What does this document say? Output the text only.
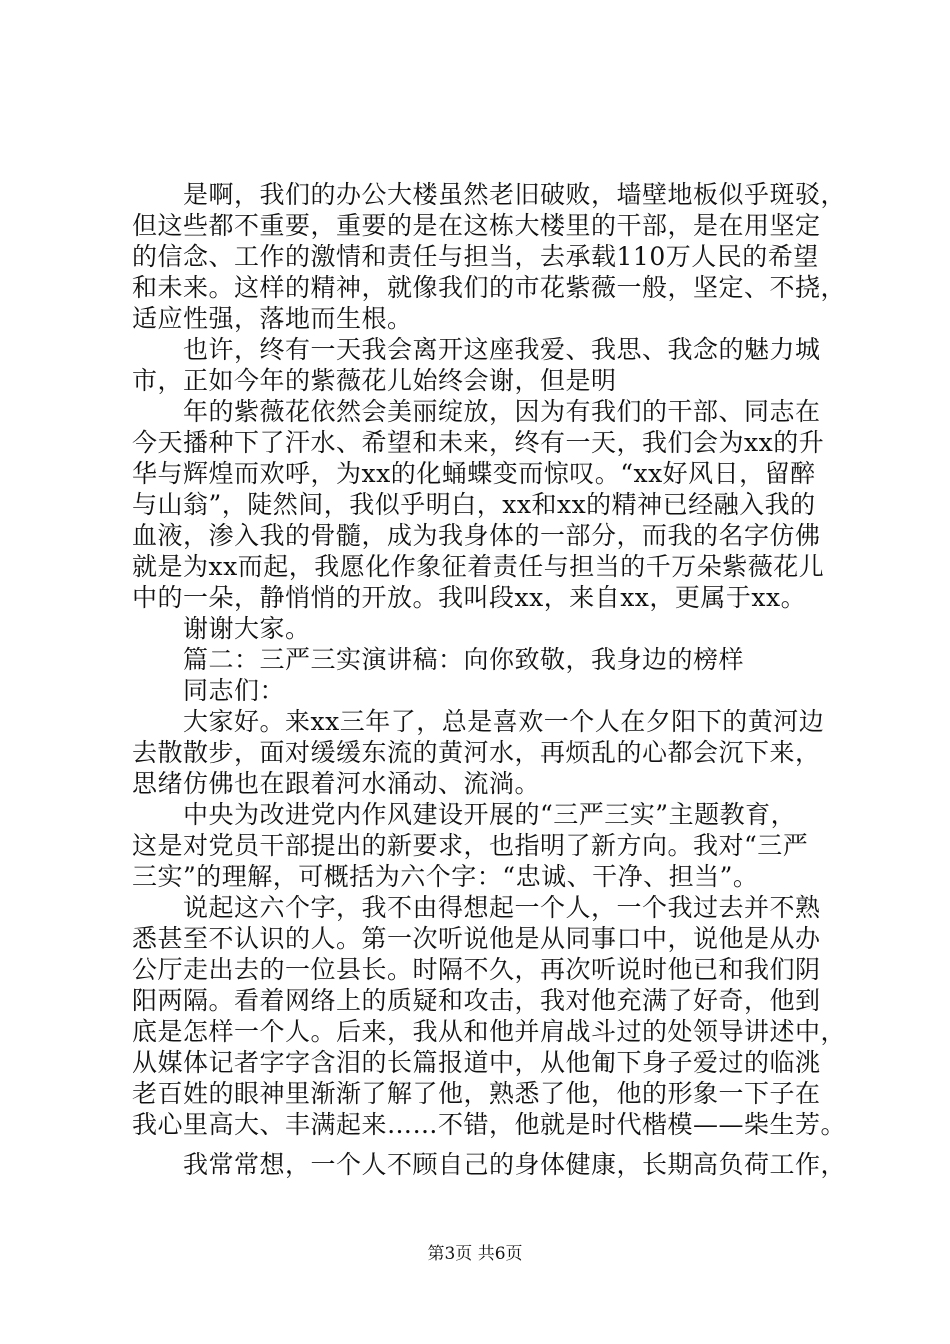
　　是啊，我们的办公大楼虽然老旧破败，墙壁地板似乎斑驳，
但这些都不重要，重要的是在这栋大楼里的干部，是在用坚定
的信念、工作的激情和责任与担当，去承载110万人民的希望
和未来。这样的精神，就像我们的市花紫薇一般，坚定、不挠，
适应性强，落地而生根。
　　也许，终有一天我会离开这座我爱、我思、我念的魅力城
市，正如今年的紫薇花儿始终会谢，但是明
　　年的紫薇花依然会美丽绽放，因为有我们的干部、同志在
今天播种下了汗水、希望和未来，终有一天，我们会为xx的升
华与辉煌而欢呼，为xx的化蛹蝶变而惊叹。“xx好风日，留醉
与山翁”，陡然间，我似乎明白，xx和xx的精神已经融入我的
血液，渗入我的骨髓，成为我身体的一部分，而我的名字仿佛
就是为xx而起，我愿化作象征着责任与担当的千万朵紫薇花儿
中的一朵，静悄悄的开放。我叫段xx，来自xx，更属于xx。
　　谢谢大家。
　　篇二：三严三实演讲稿：向你致敬，我身边的榜样
　　同志们：
　　大家好。来xx三年了，总是喜欢一个人在夕阳下的黄河边
去散散步，面对缓缓东流的黄河水，再烦乱的心都会沉下来，
思绪仿佛也在跟着河水涌动、流淌。
　　中央为改进党内作风建设开展的“三严三实”主题教育，
这是对党员干部提出的新要求，也指明了新方向。我对“三严
三实”的理解，可概括为六个字：“忠诚、干净、担当”。
　　说起这六个字，我不由得想起一个人，一个我过去并不熟
悉甚至不认识的人。第一次听说他是从同事口中，说他是从办
公厅走出去的一位县长。时隔不久，再次听说时他已和我们阴
阳两隔。看着网络上的质疑和攻击，我对他充满了好奇，他到
底是怎样一个人。后来，我从和他并肩战斗过的处领导讲述中，
从媒体记者字字含泪的长篇报道中，从他匍下身子爱过的临洮
老百姓的眼神里渐渐了解了他，熟悉了他，他的形象一下子在
我心里高大、丰满起来……不错，他就是时代楷模——柴生芳。
　　我常常想，一个人不顾自己的身体健康，长期高负荷工作，
第3页 共6页
